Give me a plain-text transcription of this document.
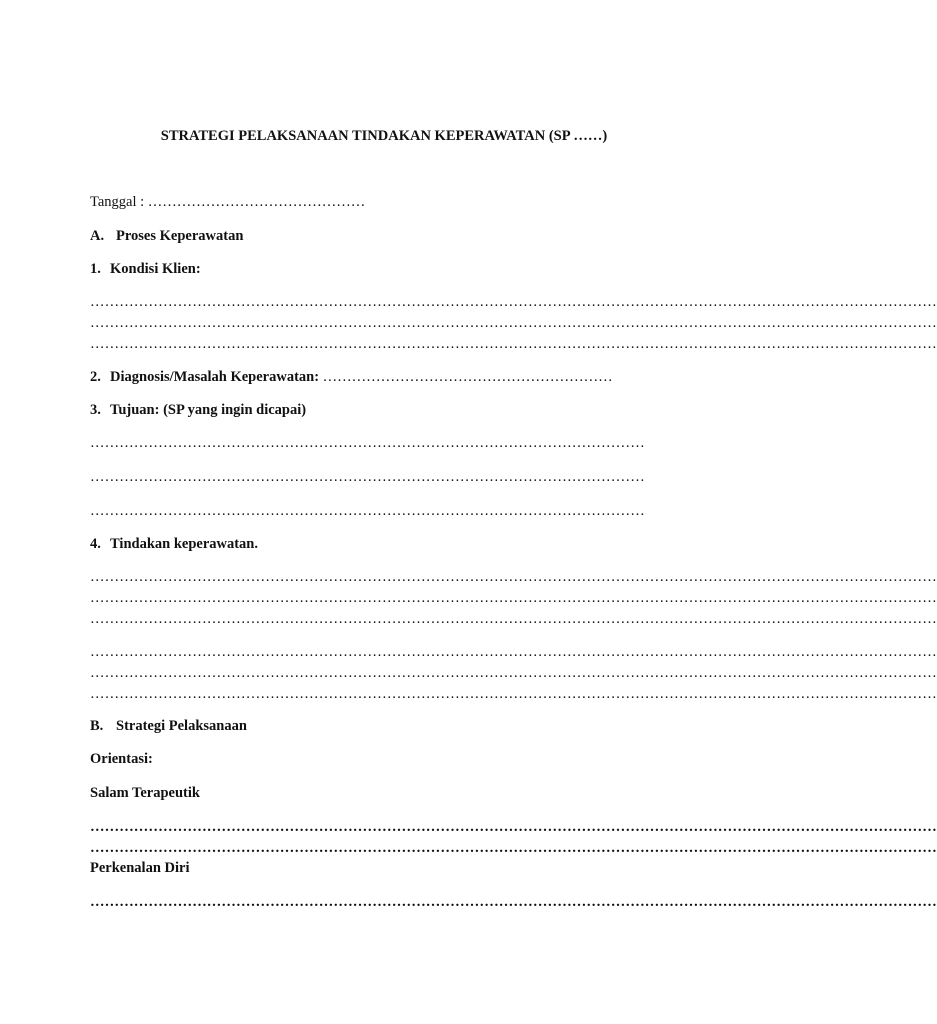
STRATEGI PELAKSANAAN TINDAKAN KEPERAWATAN (SP ……)
Tanggal : ………………………………………
A. Proses Keperawatan
1. Kondisi Klien:
…………………………………………………………………………………………………………………………………………………………
…………………………………………………………………………………………………………………………………………………………
…………………………………………………………………………………………………………………………………………………………
2. Diagnosis/Masalah Keperawatan: ……………………………………………………
3. Tujuan: (SP yang ingin dicapai)
……………………………………………………………………………………………………
……………………………………………………………………………………………………
……………………………………………………………………………………………………
4. Tindakan keperawatan.
…………………………………………………………………………………………………………………………………………………………
…………………………………………………………………………………………………………………………………………………………
…………………………………………………………………………………………………………………………………………………………
…………………………………………………………………………………………………………………………………………………………
…………………………………………………………………………………………………………………………………………………………
…………………………………………………………………………………………………………………………………………………………
B. Strategi Pelaksanaan
Orientasi:
Salam Terapeutik
…………………………………………………………………………………………………………………………………………………………
…………………………………………………………………………………………………………………………………………………………
Perkenalan Diri
…………………………………………………………………………………………………………………………………………………………
